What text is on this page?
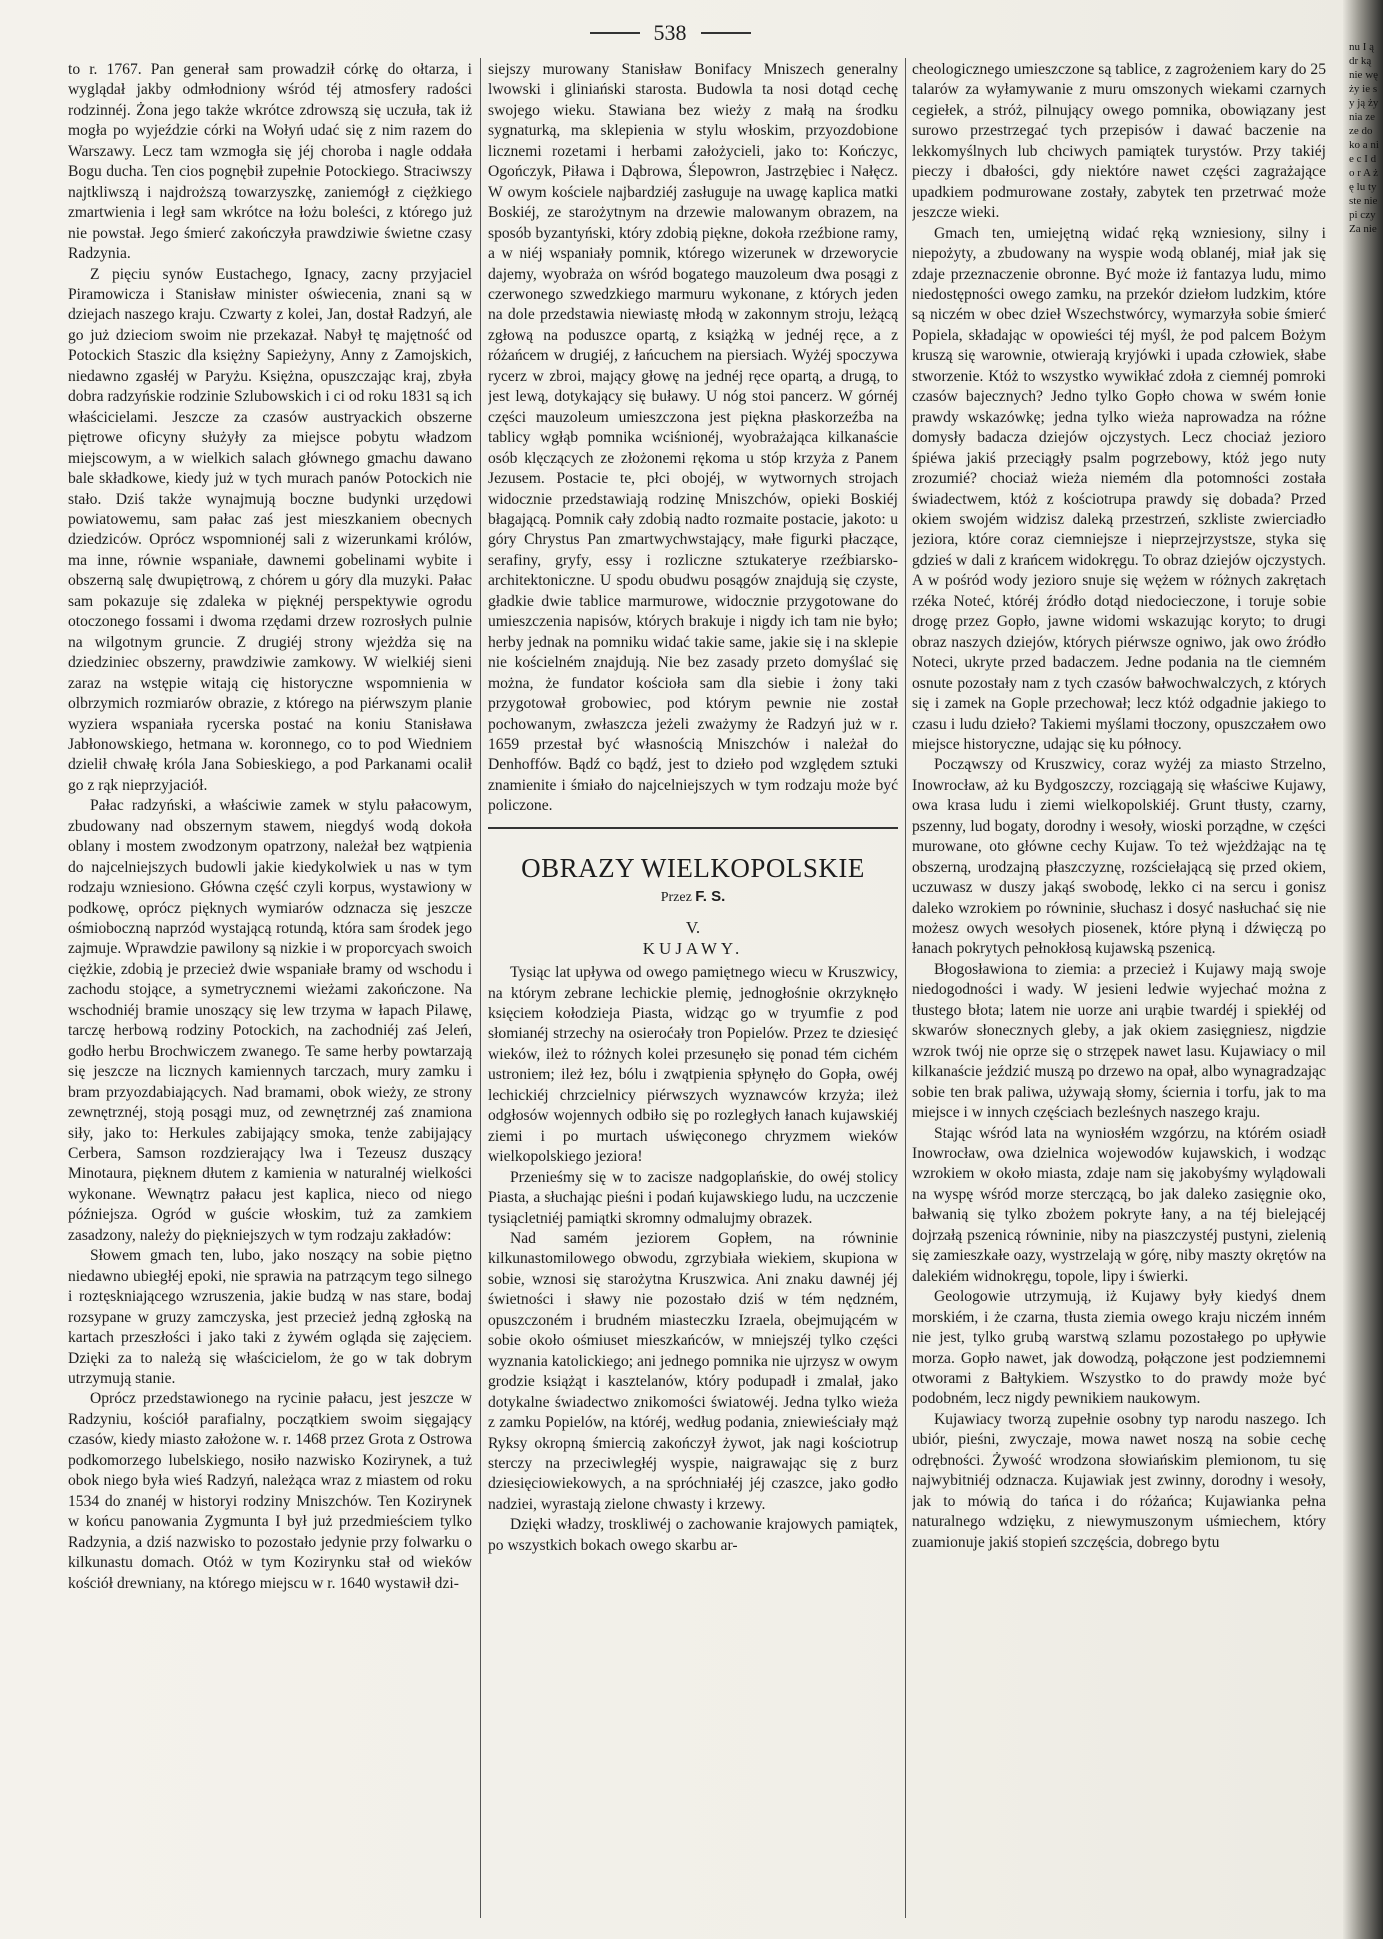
538

to r. 1767. Pan generał sam prowadził córkę do ołtarza, i wyglądał jakby odmłodniony wśród téj atmosfery radości rodzinnéj. Żona jego także wkrótce zdrowszą się uczuła, tak iż mogła po wyjeździe córki na Wołyń udać się z nim razem do Warszawy. Lecz tam wzmogła się jéj choroba i nagle oddała Bogu ducha. Ten cios pognębił zupełnie Potockiego. Straciwszy najtkliwszą i najdroższą towarzyszkę, zaniemógł z ciężkiego zmartwienia i legł sam wkrótce na łożu boleści, z którego już nie powstał. Jego śmierć zakończyła prawdziwie świetne czasy Radzynia.

Z pięciu synów Eustachego, Ignacy, zacny przyjaciel Piramowicza i Stanisław minister oświecenia, znani są w dziejach naszego kraju. Czwarty z kolei, Jan, dostał Radzyń, ale go już dzieciom swoim nie przekazał. Nabył tę majętność od Potockich Staszic dla księżny Sapieżyny, Anny z Zamojskich, niedawno zgasłéj w Paryżu. Księżna, opuszczając kraj, zbyła dobra radzyńskie rodzinie Szlubowskich i ci od roku 1831 są ich właścicielami. Jeszcze za czasów austryackich obszerne piętrowe oficyny służyły za miejsce pobytu władzom miejscowym, a w wielkich salach głównego gmachu dawano bale składkowe, kiedy już w tych murach panów Potockich nie stało. Dziś także wynajmują boczne budynki urzędowi powiatowemu, sam pałac zaś jest mieszkaniem obecnych dziedziców. Oprócz wspomnionéj sali z wizerunkami królów, ma inne, równie wspaniałe, dawnemi gobelinami wybite i obszerną salę dwupiętrową, z chórem u góry dla muzyki. Pałac sam pokazuje się zdaleka w pięknéj perspektywie ogrodu otoczonego fossami i dwoma rzędami drzew rozrosłych pulnie na wilgotnym gruncie. Z drugiéj strony wjeżdża się na dziedziniec obszerny, prawdziwie zamkowy. W wielkiéj sieni zaraz na wstępie witają cię historyczne wspomnienia w olbrzymich rozmiarów obrazie, z którego na piérwszym planie wyziera wspaniała rycerska postać na koniu Stanisława Jabłonowskiego, hetmana w. koronnego, co to pod Wiedniem dzielił chwałę króla Jana Sobieskiego, a pod Parkanami ocalił go z rąk nieprzyjaciół.

Pałac radzyński, a właściwie zamek w stylu pałacowym, zbudowany nad obszernym stawem, niegdyś wodą dokoła oblany i mostem zwodzonym opatrzony, należał bez wątpienia do najcelniejszych budowli jakie kiedykolwiek u nas w tym rodzaju wzniesiono. Główna część czyli korpus, wystawiony w podkowę, oprócz pięknych wymiarów odznacza się jeszcze ośmioboczną naprzód wystającą rotundą, która sam środek jego zajmuje. Wprawdzie pawilony są nizkie i w proporcyach swoich ciężkie, zdobią je przecież dwie wspaniałe bramy od wschodu i zachodu stojące, a symetrycznemi wieżami zakończone. Na wschodniéj bramie unoszący się lew trzyma w łapach Pilawę, tarczę herbową rodziny Potockich, na zachodniéj zaś Jeleń, godło herbu Brochwiczem zwanego. Te same herby powtarzają się jeszcze na licznych kamiennych tarczach, mury zamku i bram przyozdabiających. Nad bramami, obok wieży, ze strony zewnętrznéj, stoją posągi muz, od zewnętrznéj zaś znamiona siły, jako to: Herkules zabijający smoka, tenże zabijający Cerbera, Samson rozdzierający lwa i Tezeusz duszący Minotaura, pięknem dłutem z kamienia w naturalnéj wielkości wykonane. Wewnątrz pałacu jest kaplica, nieco od niego późniejsza. Ogród w guście włoskim, tuż za zamkiem zasadzony, należy do piękniejszych w tym rodzaju zakładów:

Słowem gmach ten, lubo, jako noszący na sobie piętno niedawno ubiegłéj epoki, nie sprawia na patrzącym tego silnego i roztęskniającego wzruszenia, jakie budzą w nas stare, bodaj rozsypane w gruzy zamczyska, jest przecież jedną zgłoską na kartach przeszłości i jako taki z żywém ogląda się zajęciem. Dzięki za to należą się właścicielom, że go w tak dobrym utrzymują stanie.

Oprócz przedstawionego na rycinie pałacu, jest jeszcze w Radzyniu, kościół parafialny, początkiem swoim sięgający czasów, kiedy miasto założone w. r. 1468 przez Grota z Ostrowa podkomorzego lubelskiego, nosiło nazwisko Kozirynek, a tuż obok niego była wieś Radzyń, należąca wraz z miastem od roku 1534 do znanéj w historyi rodziny Mniszchów. Ten Kozirynek w końcu panowania Zygmunta I był już przedmieściem tylko Radzynia, a dziś nazwisko to pozostało jedynie przy folwarku o kilkunastu domach. Otóż w tym Kozirynku stał od wieków kościół drewniany, na którego miejscu w r. 1640 wystawił dzi-

siejszy murowany Stanisław Bonifacy Mniszech generalny lwowski i gliniański starosta. Budowla ta nosi dotąd cechę swojego wieku. Stawiana bez wieży z małą na środku sygnaturką, ma sklepienia w stylu włoskim, przyozdobione licznemi rozetami i herbami założycieli, jako to: Kończyc, Ogończyk, Piława i Dąbrowa, Ślepowron, Jastrzębiec i Nałęcz. W owym kościele najbardziéj zasługuje na uwagę kaplica matki Boskiéj, ze starożytnym na drzewie malowanym obrazem, na sposób byzantyński, który zdobią piękne, dokoła rzeźbione ramy, a w niéj wspaniały pomnik, którego wizerunek w drzeworycie dajemy, wyobraża on wśród bogatego mauzoleum dwa posągi z czerwonego szwedzkiego marmuru wykonane, z których jeden na dole przedstawia niewiastę młodą w zakonnym stroju, leżącą zgłową na poduszce opartą, z książką w jednéj ręce, a z różańcem w drugiéj, z łańcuchem na piersiach. Wyżéj spoczywa rycerz w zbroi, mający głowę na jednéj ręce opartą, a drugą, to jest lewą, dotykający się buławy. U nóg stoi pancerz. W górnéj części mauzoleum umieszczona jest piękna płaskorzeźba na tablicy wgłąb pomnika wciśnionéj, wyobrażająca kilkanaście osób klęczących ze złożonemi rękoma u stóp krzyża z Panem Jezusem. Postacie te, płci obojéj, w wytwornych strojach widocznie przedstawiają rodzinę Mniszchów, opieki Boskiéj błagającą. Pomnik cały zdobią nadto rozmaite postacie, jakoto: u góry Chrystus Pan zmartwychwstający, małe figurki płaczące, serafiny, gryfy, essy i rozliczne sztukaterye rzeźbiarsko-architektoniczne. U spodu obudwu posągów znajdują się czyste, gładkie dwie tablice marmurowe, widocznie przygotowane do umieszczenia napisów, których brakuje i nigdy ich tam nie było; herby jednak na pomniku widać takie same, jakie się i na sklepie nie kościelném znajdują. Nie bez zasady przeto domyślać się można, że fundator kościoła sam dla siebie i żony taki przygotował grobowiec, pod którym pewnie nie został pochowanym, zwłaszcza jeżeli zważymy że Radzyń już w r. 1659 przestał być własnością Mniszchów i należał do Denhoffów. Bądź co bądź, jest to dzieło pod względem sztuki znamienite i śmiało do najcelniejszych w tym rodzaju może być policzone.

OBRAZY WIELKOPOLSKIE
Przez F. S.
V.
KUJAWY.

Tysiąc lat upływa od owego pamiętnego wiecu w Kruszwicy, na którym zebrane lechickie plemię, jednogłośnie okrzyknęło księciem kołodzieja Piasta, widząc go w tryumfie z pod słomianéj strzechy na osieroćały tron Popielów. Przez te dziesięć wieków, ileż to różnych kolei przesunęło się ponad tém cichém ustroniem; ileż łez, bólu i zwątpienia spłynęło do Gopła, owéj lechickiéj chrzcielnicy piérwszych wyznawców krzyża; ileż odgłosów wojennych odbiło się po rozległych łanach kujawskiéj ziemi i po murtach uświęconego chryzmem wieków wielkopolskiego jeziora!

Przenieśmy się w to zacisze nadgoplańskie, do owéj stolicy Piasta, a słuchając pieśni i podań kujawskiego ludu, na uczczenie tysiącletniéj pamiątki skromny odmalujmy obrazek.

Nad samém jeziorem Gopłem, na równinie kilkunastomilowego obwodu, zgrzybiała wiekiem, skupiona w sobie, wznosi się starożytna Kruszwica. Ani znaku dawnéj jéj świetności i sławy nie pozostało dziś w tém nędzném, opuszczoném i brudném miasteczku Izraela, obejmującém w sobie około ośmiuset mieszkańców, w mniejszéj tylko części wyznania katolickiego; ani jednego pomnika nie ujrzysz w owym grodzie książąt i kasztelanów, który podupadł i zmalał, jako dotykalne świadectwo znikomości światowéj. Jedna tylko wieża z zamku Popielów, na któréj, według podania, zniewieściały mąż Ryksy okropną śmiercią zakończył żywot, jak nagi kościotrup sterczy na przeciwległéj wyspie, naigrawając się z burz dziesięciowiekowych, a na spróchniałéj jéj czaszce, jako godło nadziei, wyrastają zielone chwasty i krzewy.

Dzięki władzy, troskliwéj o zachowanie krajowych pamiątek, po wszystkich bokach owego skarbu ar-

cheologicznego umieszczone są tablice, z zagrożeniem kary do 25 talarów za wyłamywanie z muru omszonych wiekami czarnych cegiełek, a stróż, pilnujący owego pomnika, obowiązany jest surowo przestrzegać tych przepisów i dawać baczenie na lekkomyślnych lub chciwych pamiątek turystów. Przy takiéj pieczy i dbałości, gdy niektóre nawet części zagrażające upadkiem podmurowane zostały, zabytek ten przetrwać może jeszcze wieki.

Gmach ten, umiejętną widać ręką wzniesiony, silny i niepożyty, a zbudowany na wyspie wodą oblanéj, miał jak się zdaje przeznaczenie obronne. Być może iż fantazya ludu, mimo niedostępności owego zamku, na przekór dziełom ludzkim, które są niczém w obec dzieł Wszechstwórcy, wymarzyła sobie śmierć Popiela, składając w opowieści téj myśl, że pod palcem Bożym kruszą się warownie, otwierają kryjówki i upada człowiek, słabe stworzenie. Któż to wszystko wywikłać zdoła z ciemnéj pomroki czasów bajecznych? Jedno tylko Gopło chowa w swém łonie prawdy wskazówkę; jedna tylko wieża naprowadza na różne domysły badacza dziejów ojczystych. Lecz chociaż jezioro śpiéwa jakiś przeciągły psalm pogrzebowy, któż jego nuty zrozumié? chociaż wieża niemém dla potomności została świadectwem, któż z kościotrupa prawdy się dobada? Przed okiem swojém widzisz daleką przestrzeń, szkliste zwierciadło jeziora, które coraz ciemniejsze i nieprzejrzystsze, styka się gdzieś w dali z krańcem widokręgu. To obraz dziejów ojczystych. A w pośród wody jezioro snuje się wężem w różnych zakrętach rzéka Noteć, któréj źródło dotąd niedocieczone, i toruje sobie drogę przez Gopło, jawne widomi wskazując koryto; to drugi obraz naszych dziejów, których piérwsze ogniwo, jak owo źródło Noteci, ukryte przed badaczem. Jedne podania na tle ciemném osnute pozostały nam z tych czasów bałwochwalczych, z których się i zamek na Gople przechował; lecz któż odgadnie jakiego to czasu i ludu dzieło? Takiemi myślami tłoczony, opuszczałem owo miejsce historyczne, udając się ku północy.

Począwszy od Kruszwicy, coraz wyżéj za miasto Strzelno, Inowrocław, aż ku Bydgoszczy, rozciągają się właściwe Kujawy, owa krasa ludu i ziemi wielkopolskiéj. Grunt tłusty, czarny, pszenny, lud bogaty, dorodny i wesoły, wioski porządne, w części murowane, oto główne cechy Kujaw. To też wjeżdżając na tę obszerną, urodzajną płaszczyznę, rozściełającą się przed okiem, uczuwasz w duszy jakąś swobodę, lekko ci na sercu i gonisz daleko wzrokiem po równinie, słuchasz i dosyć nasłuchać się nie możesz owych wesołych piosenek, które płyną i dźwięczą po łanach pokrytych pełnokłosą kujawską pszenicą.

Błogosławiona to ziemia: a przecież i Kujawy mają swoje niedogodności i wady. W jesieni ledwie wyjechać można z tłustego błota; latem nie uorze ani urąbie twardéj i spiekłéj od skwarów słonecznych gleby, a jak okiem zasięgniesz, nigdzie wzrok twój nie oprze się o strzępek nawet lasu. Kujawiacy o mil kilkanaście jeździć muszą po drzewo na opał, albo wynagradzając sobie ten brak paliwa, używają słomy, ściernia i torfu, jak to ma miejsce i w innych częściach bezleśnych naszego kraju.

Stając wśród lata na wyniosłém wzgórzu, na którém osiadł Inowrocław, owa dzielnica wojewodów kujawskich, i wodząc wzrokiem w około miasta, zdaje nam się jakobyśmy wylądowali na wyspę wśród morze sterczącą, bo jak daleko zasięgnie oko, bałwanią się tylko zbożem pokryte łany, a na téj bielejącéj dojrzałą pszenicą równinie, niby na piaszczystéj pustyni, zielenią się zamieszkałe oazy, wystrzelają w górę, niby maszty okrętów na dalekiém widnokręgu, topole, lipy i świerki.

Geologowie utrzymują, iż Kujawy były kiedyś dnem morskiém, i że czarna, tłusta ziemia owego kraju niczém inném nie jest, tylko grubą warstwą szlamu pozostałego po upływie morza. Gopło nawet, jak dowodzą, połączone jest podziemnemi otworami z Bałtykiem. Wszystko to do prawdy może być podobném, lecz nigdy pewnikiem naukowym.

Kujawiacy tworzą zupełnie osobny typ narodu naszego. Ich ubiór, pieśni, zwyczaje, mowa nawet noszą na sobie cechę odrębności. Żywość wrodzona słowiańskim plemionom, tu się najwybitniéj odznacza. Kujawiak jest zwinny, dorodny i wesoły, jak to mówią do tańca i do różańca; Kujawianka pełna naturalnego wdzięku, z niewymuszonym uśmiechem, który zuamionuje jakiś stopień szczęścia, dobrego bytu

nu I ą dr ką nie wę ży ie sy ją ży nia ze ze do ko a nie c I do r A żę lu ty ste nie pi czy Za nie
